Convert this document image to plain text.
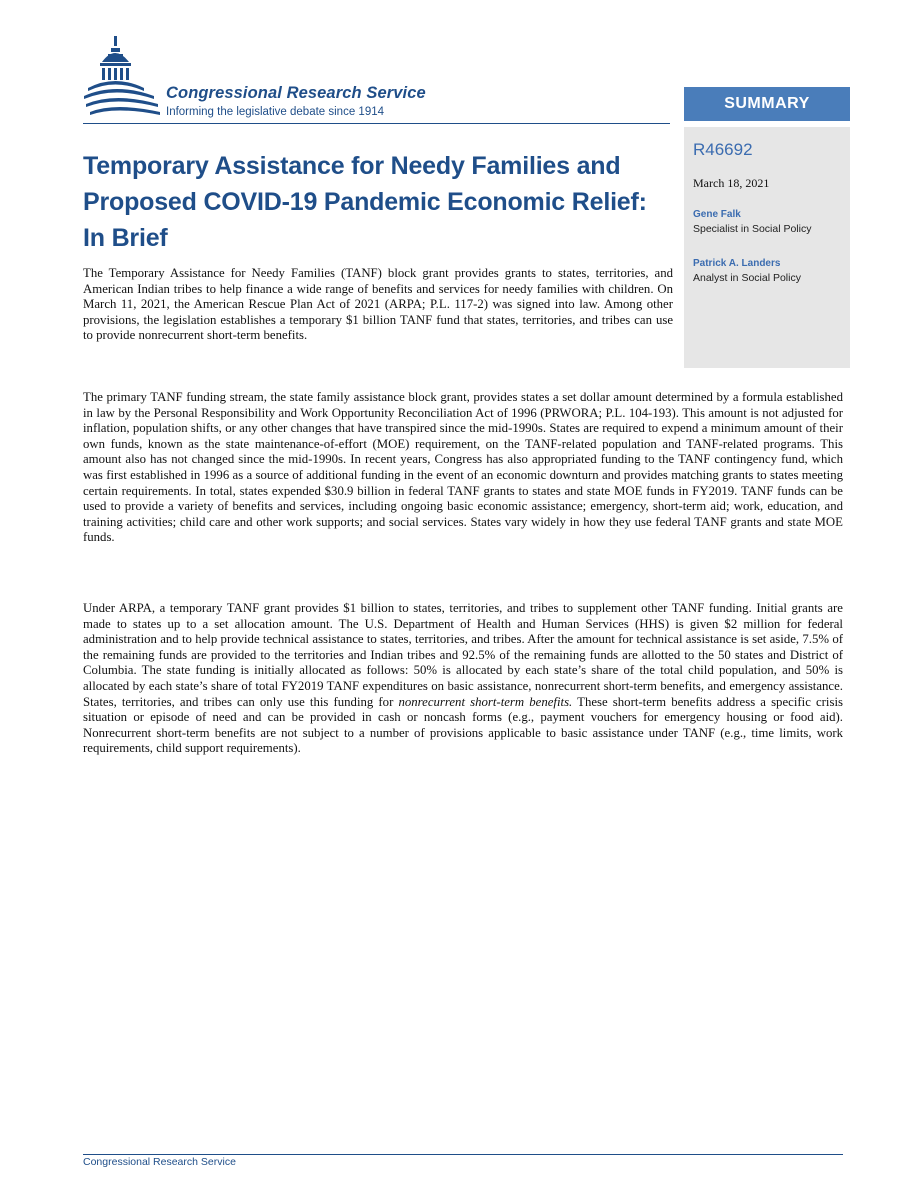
Congressional Research Service
Informing the legislative debate since 1914	SUMMARY
R46692
March 18, 2021
Gene Falk
Specialist in Social Policy
Patrick A. Landers
Analyst in Social Policy
Temporary Assistance for Needy Families and Proposed COVID-19 Pandemic Economic Relief: In Brief

The Temporary Assistance for Needy Families (TANF) block grant provides grants to states, territories, and American Indian tribes to help finance a wide range of benefits and services for needy families with children. On March 11, 2021, the American Rescue Plan Act of 2021 (ARPA; P.L. 117-2) was signed into law. Among other provisions, the legislation establishes a temporary $1 billion TANF fund that states, territories, and tribes can use to provide nonrecurrent short-term benefits.

The primary TANF funding stream, the state family assistance block grant, provides states a set dollar amount determined by a formula established in law by the Personal Responsibility and Work Opportunity Reconciliation Act of 1996 (PRWORA; P.L. 104-193). This amount is not adjusted for inflation, population shifts, or any other changes that have transpired since the mid-1990s. States are required to expend a minimum amount of their own funds, known as the state maintenance-of-effort (MOE) requirement, on the TANF-related population and TANF-related programs. This amount also has not changed since the mid-1990s. In recent years, Congress has also appropriated funding to the TANF contingency fund, which was first established in 1996 as a source of additional funding in the event of an economic downturn and provides matching grants to states meeting certain requirements. In total, states expended $30.9 billion in federal TANF grants to states and state MOE funds in FY2019. TANF funds can be used to provide a variety of benefits and services, including ongoing basic economic assistance; emergency, short-term aid; work, education, and training activities; child care and other work supports; and social services. States vary widely in how they use federal TANF grants and state MOE funds.

Under ARPA, a temporary TANF grant provides $1 billion to states, territories, and tribes to supplement other TANF funding. Initial grants are made to states up to a set allocation amount. The U.S. Department of Health and Human Services (HHS) is given $2 million for federal administration and to help provide technical assistance to states, territories, and tribes. After the amount for technical assistance is set aside, 7.5% of the remaining funds are provided to the territories and Indian tribes and 92.5% of the remaining funds are allotted to the 50 states and District of Columbia. The state funding is initially allocated as follows: 50% is allocated by each state’s share of the total child population, and 50% is allocated by each state’s share of total FY2019 TANF expenditures on basic assistance, nonrecurrent short-term benefits, and emergency assistance. States, territories, and tribes can only use this funding for nonrecurrent short-term benefits. These short-term benefits address a specific crisis situation or episode of need and can be provided in cash or noncash forms (e.g., payment vouchers for emergency housing or food aid). Nonrecurrent short-term benefits are not subject to a number of provisions applicable to basic assistance under TANF (e.g., time limits, work requirements, child support requirements).

Congressional Research Service
